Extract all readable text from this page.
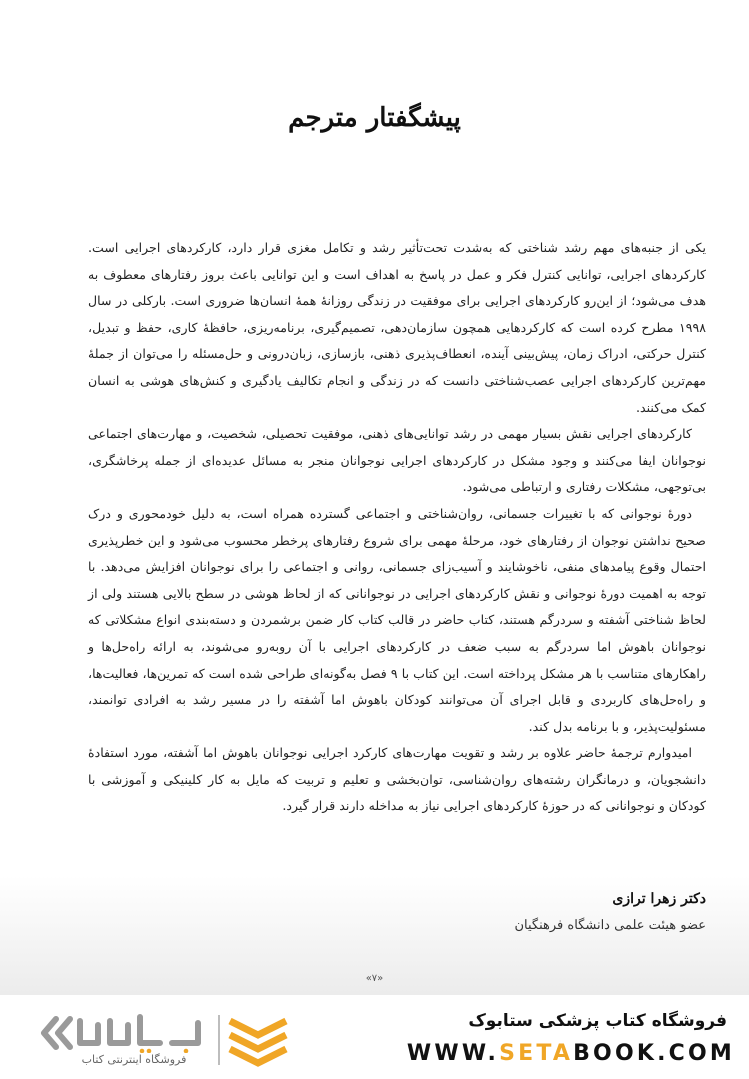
پیشگفتار مترجم

یکی از جنبه‌های مهم رشد شناختی که به‌شدت تحت‌تأثیر رشد و تکامل مغزی قرار دارد، کارکردهای اجرایی است. کارکردهای اجرایی، توانایی کنترل فکر و عمل در پاسخ به اهداف است و این توانایی باعث بروز رفتارهای معطوف به هدف می‌شود؛ از این‌رو کارکردهای اجرایی برای موفقیت در زندگی روزانهٔ همهٔ انسان‌ها ضروری است. بارکلی در سال ۱۹۹۸ مطرح کرده است که کارکردهایی همچون سازمان‌دهی، تصمیم‌گیری، برنامه‌ریزی، حافظهٔ کاری، حفظ و تبدیل، کنترل حرکتی، ادراک زمان، پیش‌بینی آینده، انعطاف‌پذیری ذهنی، بازسازی، زبان‌درونی و حل‌مسئله را می‌توان از جملهٔ مهم‌ترین کارکردهای اجرایی عصب‌شناختی دانست که در زندگی و انجام تکالیف یادگیری و کنش‌های هوشی به انسان کمک می‌کنند.

کارکردهای اجرایی نقش بسیار مهمی در رشد توانایی‌های ذهنی، موفقیت تحصیلی، شخصیت، و مهارت‌های اجتماعی نوجوانان ایفا می‌کنند و وجود مشکل در کارکردهای اجرایی نوجوانان منجر به مسائل عدیده‌ای از جمله پرخاشگری، بی‌توجهی، مشکلات رفتاری و ارتباطی می‌شود.

دورهٔ نوجوانی که با تغییرات جسمانی، روان‌شناختی و اجتماعی گسترده همراه است، به دلیل خودمحوری و درک صحیح نداشتن نوجوان از رفتارهای خود، مرحلهٔ مهمی برای شروع رفتارهای پرخطر محسوب می‌شود و این خطرپذیری احتمال وقوع پیامدهای منفی، ناخوشایند و آسیب‌زای جسمانی، روانی و اجتماعی را برای نوجوانان افزایش می‌دهد. با توجه به اهمیت دورهٔ نوجوانی و نقش کارکردهای اجرایی در نوجوانانی که از لحاظ هوشی در سطح بالایی هستند ولی از لحاظ شناختی آشفته و سردرگم هستند، کتاب حاضر در قالب کتاب کار ضمن برشمردن و دسته‌بندی انواع مشکلاتی که نوجوانان باهوش اما سردرگم به سبب ضعف در کارکردهای اجرایی با آن روبه‌رو می‌شوند، به ارائه راه‌حل‌ها و راهکارهای متناسب با هر مشکل پرداخته است. این کتاب با ۹ فصل به‌گونه‌ای طراحی شده است که تمرین‌ها، فعالیت‌ها، و راه‌حل‌های کاربردی و قابل اجرای آن می‌توانند کودکان باهوش اما آشفته را در مسیر رشد به افرادی توانمند، مسئولیت‌پذیر، و با برنامه بدل کند.

امیدوارم ترجمهٔ حاضر علاوه بر رشد و تقویت مهارت‌های کارکرد اجرایی نوجوانان باهوش اما آشفته، مورد استفادهٔ دانشجویان، و درمانگران رشته‌های روان‌شناسی، توان‌بخشی و تعلیم و تربیت که مایل به کار کلینیکی و آموزشی با کودکان و نوجوانانی که در حوزهٔ کارکردهای اجرایی نیاز به مداخله دارند قرار گیرد.

دکتر زهرا ترازی
عضو هیئت علمی دانشگاه فرهنگیان
«۷»
فروشگاه اینترنتی کتاب
فروشگاه کتاب پزشکی ستابوک
WWW.SETABOOK.COM
